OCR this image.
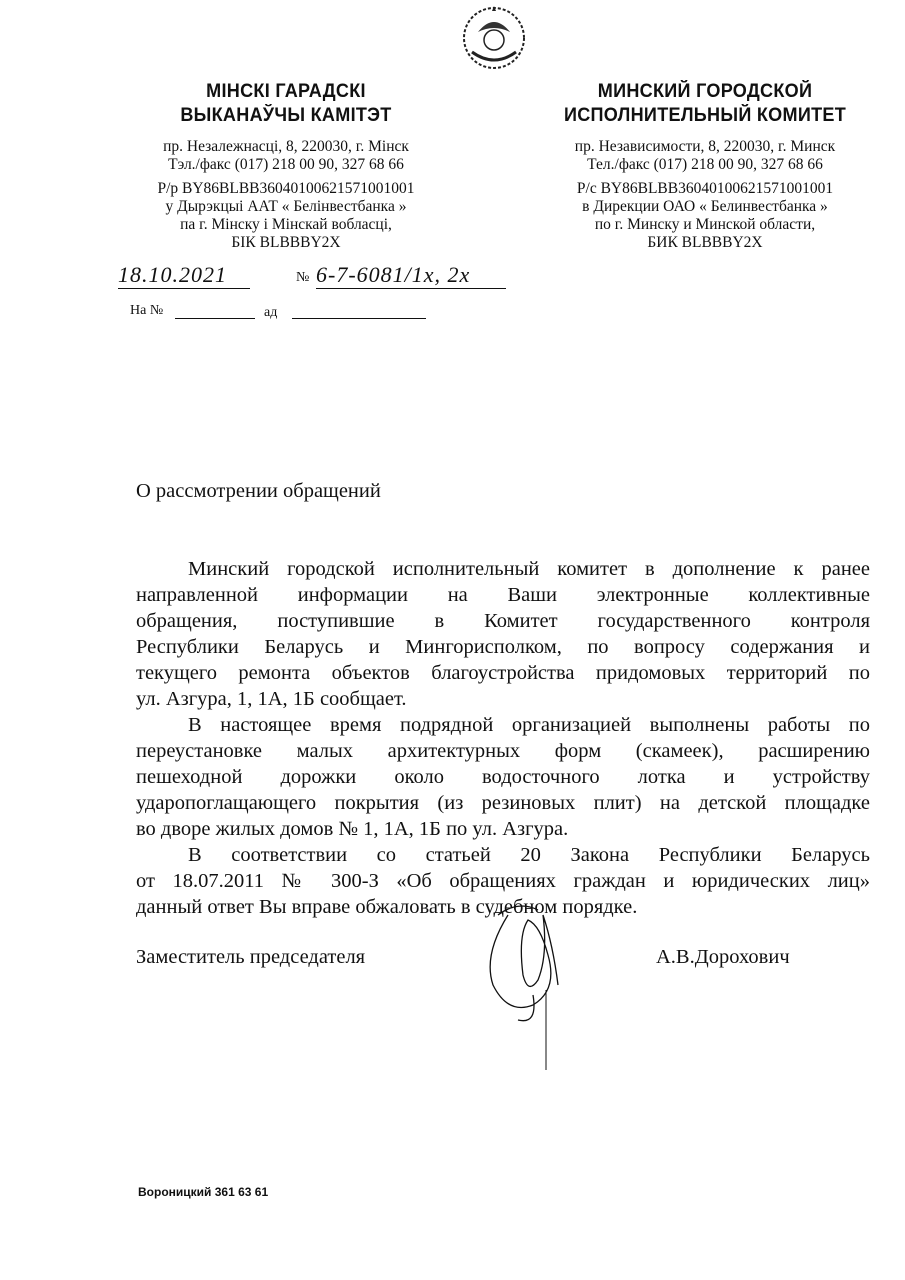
МІНСКІ ГАРАДСКІ
ВЫКАНАЎЧЫ КАМІТЭТ
пр. Незалежнасці, 8, 220030, г. Мінск
Тэл./факс (017) 218 00 90, 327 68 66
Р/р BY86BLBB36040100621571001001
у Дырэкцыі ААТ « Белінвестбанка »
па г. Мінску і Мінскай вобласці,
БІК BLBBBY2X
МИНСКИЙ ГОРОДСКОЙ
ИСПОЛНИТЕЛЬНЫЙ КОМИТЕТ
пр. Независимости, 8, 220030, г. Минск
Тел./факс (017) 218 00 90, 327 68 66
Р/с BY86BLBB36040100621571001001
в Дирекции ОАО « Белинвестбанка »
по г. Минску и Минской области,
БИК BLBBBY2X
18.10.2021	№ 6-7-6081/1х, 2х
На №	ад
О рассмотрении обращений

Минский городской исполнительный комитет в дополнение к ранее
направленной информации на Ваши электронные коллективные
обращения, поступившие в Комитет государственного контроля
Республики Беларусь и Мингорисполком, по вопросу содержания и
текущего ремонта объектов благоустройства придомовых территорий по
ул. Азгура, 1, 1А, 1Б сообщает.

В настоящее время подрядной организацией выполнены работы по
переустановке малых архитектурных форм (скамеек), расширению
пешеходной дорожки около водосточного лотка и устройству
ударопоглащающего покрытия (из резиновых плит) на детской площадке
во дворе жилых домов № 1, 1А, 1Б по ул. Азгура.

В соответствии со статьей 20 Закона Республики Беларусь
от 18.07.2011 № 300-З «Об обращениях граждан и юридических лиц»
данный ответ Вы вправе обжаловать в судебном порядке.

Заместитель председателя	А.В.Дорохович
Вороницкий 361 63 61
